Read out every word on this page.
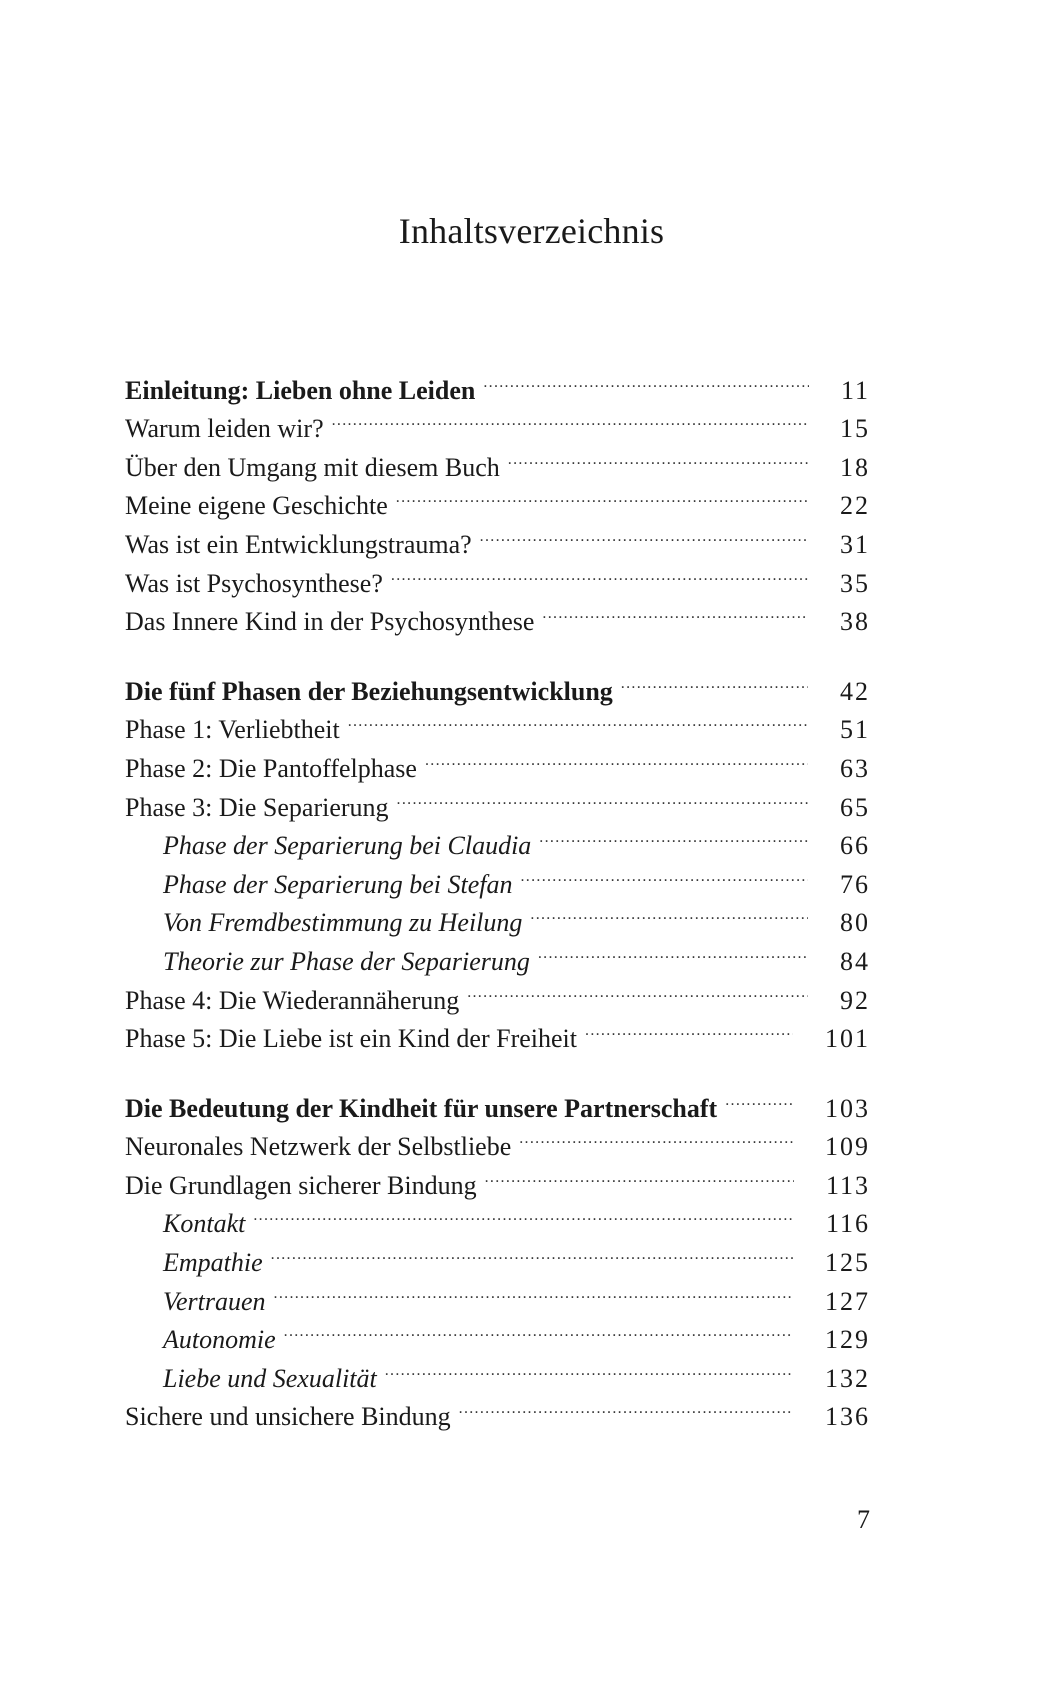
Inhaltsverzeichnis
Einleitung: Lieben ohne Leiden .....	11
Warum leiden wir? .....	15
Über den Umgang mit diesem Buch .....	18
Meine eigene Geschichte .....	22
Was ist ein Entwicklungstrauma? .....	31
Was ist Psychosynthese? .....	35
Das Innere Kind in der Psychosynthese .....	38
Die fünf Phasen der Beziehungsentwicklung .....	42
Phase 1: Verliebtheit .....	51
Phase 2: Die Pantoffelphase .....	63
Phase 3: Die Separierung .....	65
Phase der Separierung bei Claudia .....	66
Phase der Separierung bei Stefan .....	76
Von Fremdbestimmung zu Heilung .....	80
Theorie zur Phase der Separierung .....	84
Phase 4: Die Wiederannäherung .....	92
Phase 5: Die Liebe ist ein Kind der Freiheit .....	101
Die Bedeutung der Kindheit für unsere Partnerschaft .....	103
Neuronales Netzwerk der Selbstliebe .....	109
Die Grundlagen sicherer Bindung .....	113
Kontakt .....	116
Empathie .....	125
Vertrauen .....	127
Autonomie .....	129
Liebe und Sexualität .....	132
Sichere und unsichere Bindung .....	136
7
